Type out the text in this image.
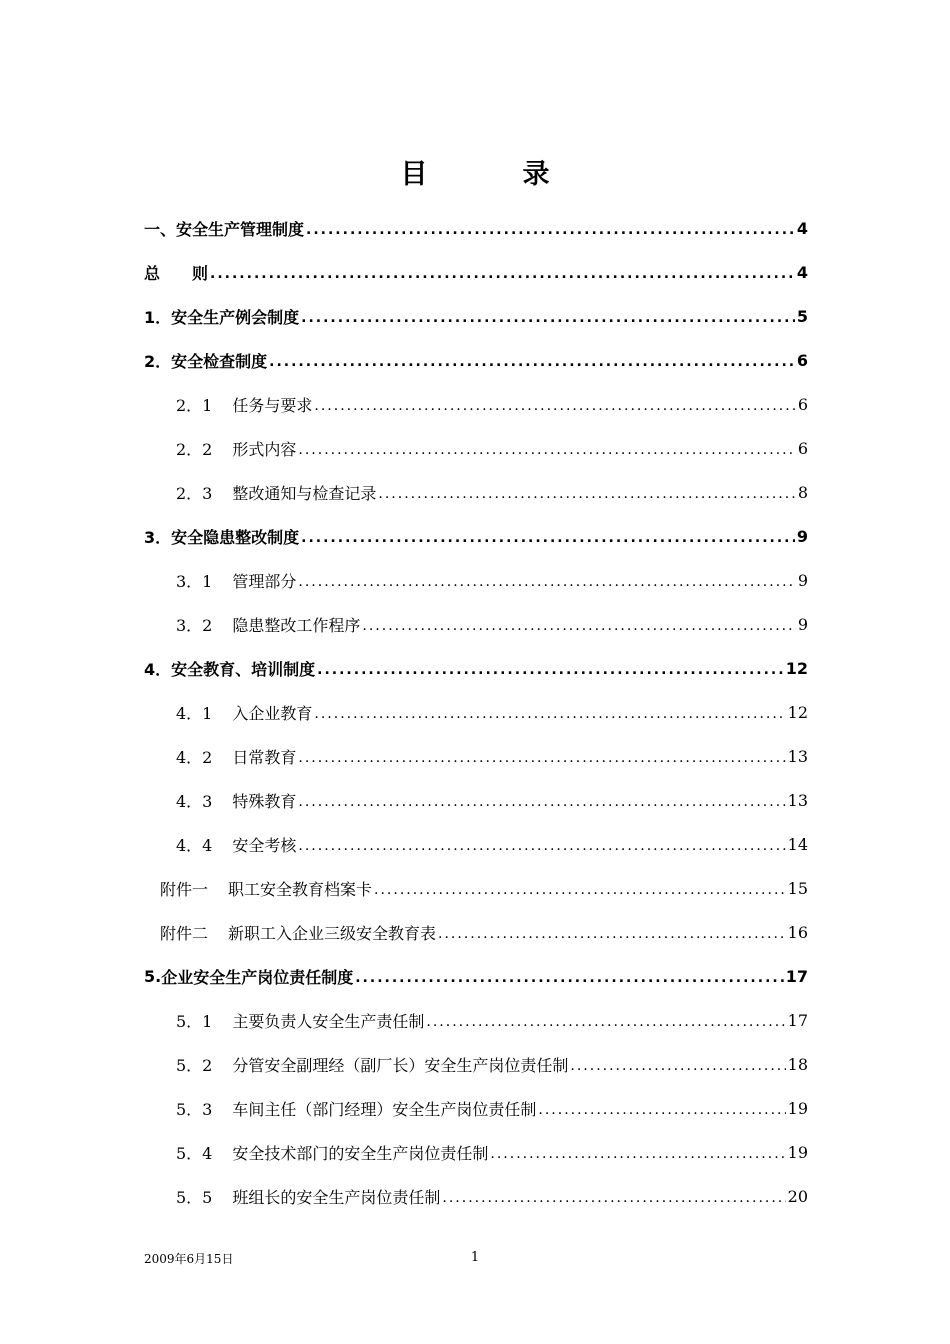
目　录
一、 安全生产管理制度 .....	4
总 　　则 .....	4
1． 安全生产例会制度 .....	5
2． 安全检查制度 .....	6
2．1 任务与要求 .....	6
2．2 形式内容 .....	6
2．3 整改通知与检查记录 .....	8
3． 安全隐患整改制度 .....	9
3．1 管理部分 .....	9
3．2 隐患整改工作程序 .....	9
4． 安全教育、培训制度 .....	12
4．1 入企业教育 .....	12
4．2 日常教育 .....	13
4．3 特殊教育 .....	13
4．4 安全考核 .....	14
附件一 职工安全教育档案卡 .....	15
附件二 新职工入企业三级安全教育表 .....	16
5. 企业安全生产岗位责任制度 .....	17
5．1 主要负责人安全生产责任制 .....	17
5．2 分管安全副理经（副厂长）安全生产岗位责任制 .....	18
5．3 车间主任（部门经理）安全生产岗位责任制 .....	19
5．4 安全技术部门的安全生产岗位责任制 .....	19
5．5 班组长的安全生产岗位责任制 .....	20
2009年6月15日	1
